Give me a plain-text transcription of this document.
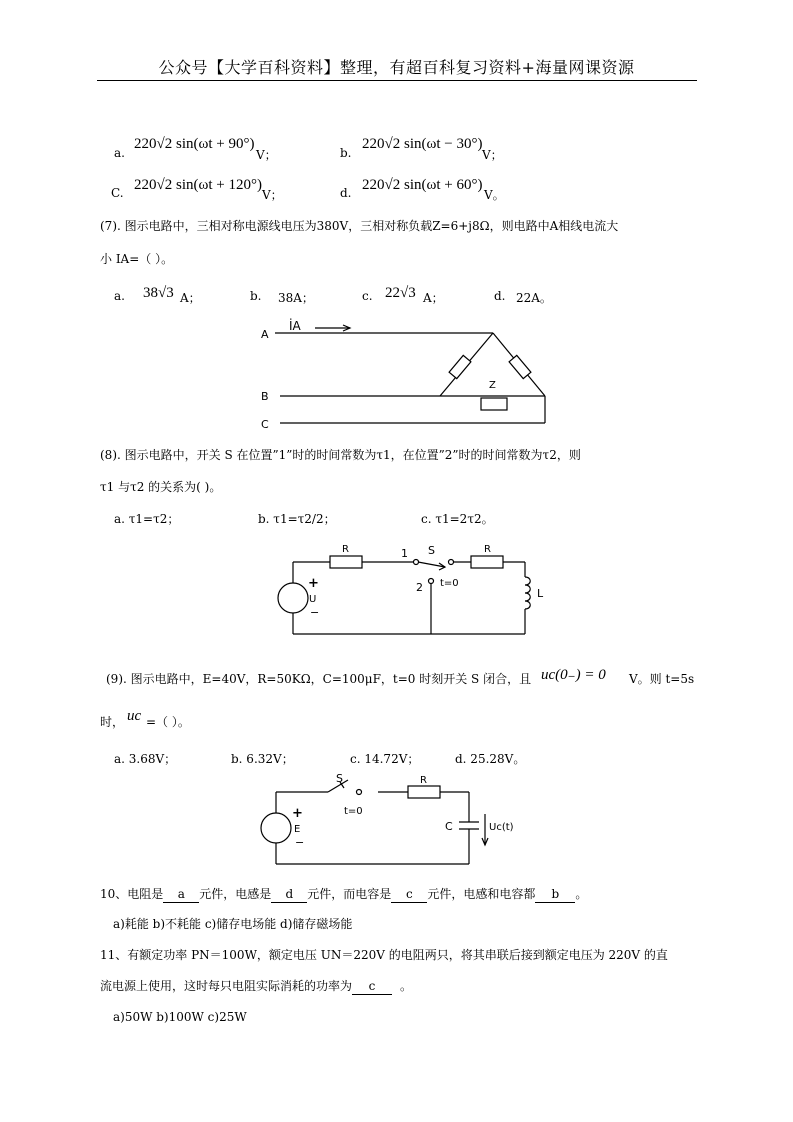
公众号【大学百科资料】整理，有超百科复习资料+海量网课资源
a.
220√2 sin(ωt + 90°)
V；	b.
220√2 sin(ωt − 30°)
V；
C. 220√2 sin(ωt + 120°)
V；	d. 220√2 sin(ωt + 60°)
V。
(7). 图示电路中，三相对称电源线电压为380V，三相对称负载Z=6+j8Ω，则电路中A相线电流大
小 IA=（ ）。
a. 38√3 A；	b. 38A；	c. 22√3 A；	d. 22A。
A
B
C
İA
Z
(8). 图示电路中，开关 S 在位置”1”时的时间常数为τ1，在位置”2”时的时间常数为τ2，则
τ1 与τ2 的关系为( )。
a. τ1=τ2；	b. τ1=τ2/2；	c. τ1=2τ2。
R	R
S
1
2 t=0
L
+
U
−
(9). 图示电路中，E=40V，R=50KΩ，C=100μF，t=0 时刻开关 S 闭合，且 uc(0₋) = 0 V。则 t=5s
时， uc =（ ）。
a. 3.68V；	b. 6.32V；	c. 14.72V；	d. 25.28V。
S
t=0
R
C	Uc(t)
+
E
−
10、电阻是 a 元件，电感是 d 元件，而电容是 c 元件，电感和电容都 b 。
a)耗能 b)不耗能 c)储存电场能 d)储存磁场能
11、有额定功率 PN＝100W，额定电压 UN＝220V 的电阻两只，将其串联后接到额定电压为 220V 的直
流电源上使用，这时每只电阻实际消耗的功率为 c 。
a)50W b)100W c)25W
